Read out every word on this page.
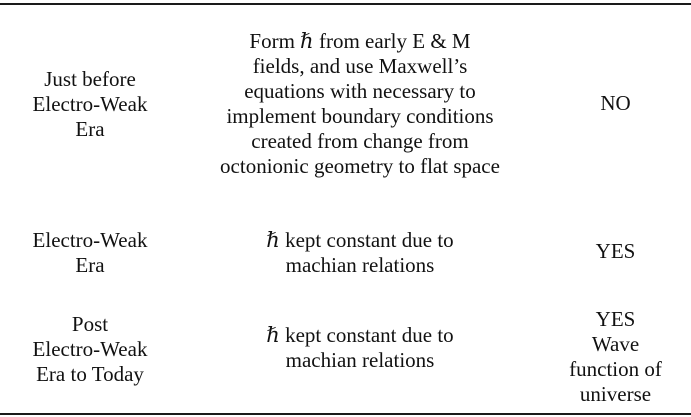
Just before
Electro-Weak
Era
Form ℏ from early E & M
fields, and use Maxwell’s
equations with necessary to
implement boundary conditions
created from change from
octonionic geometry to flat space
NO
Electro-Weak
Era
ℏ kept constant due to
machian relations
YES
Post
Electro-Weak
Era to Today
ℏ kept constant due to
machian relations
YES
Wave
function of
universe
